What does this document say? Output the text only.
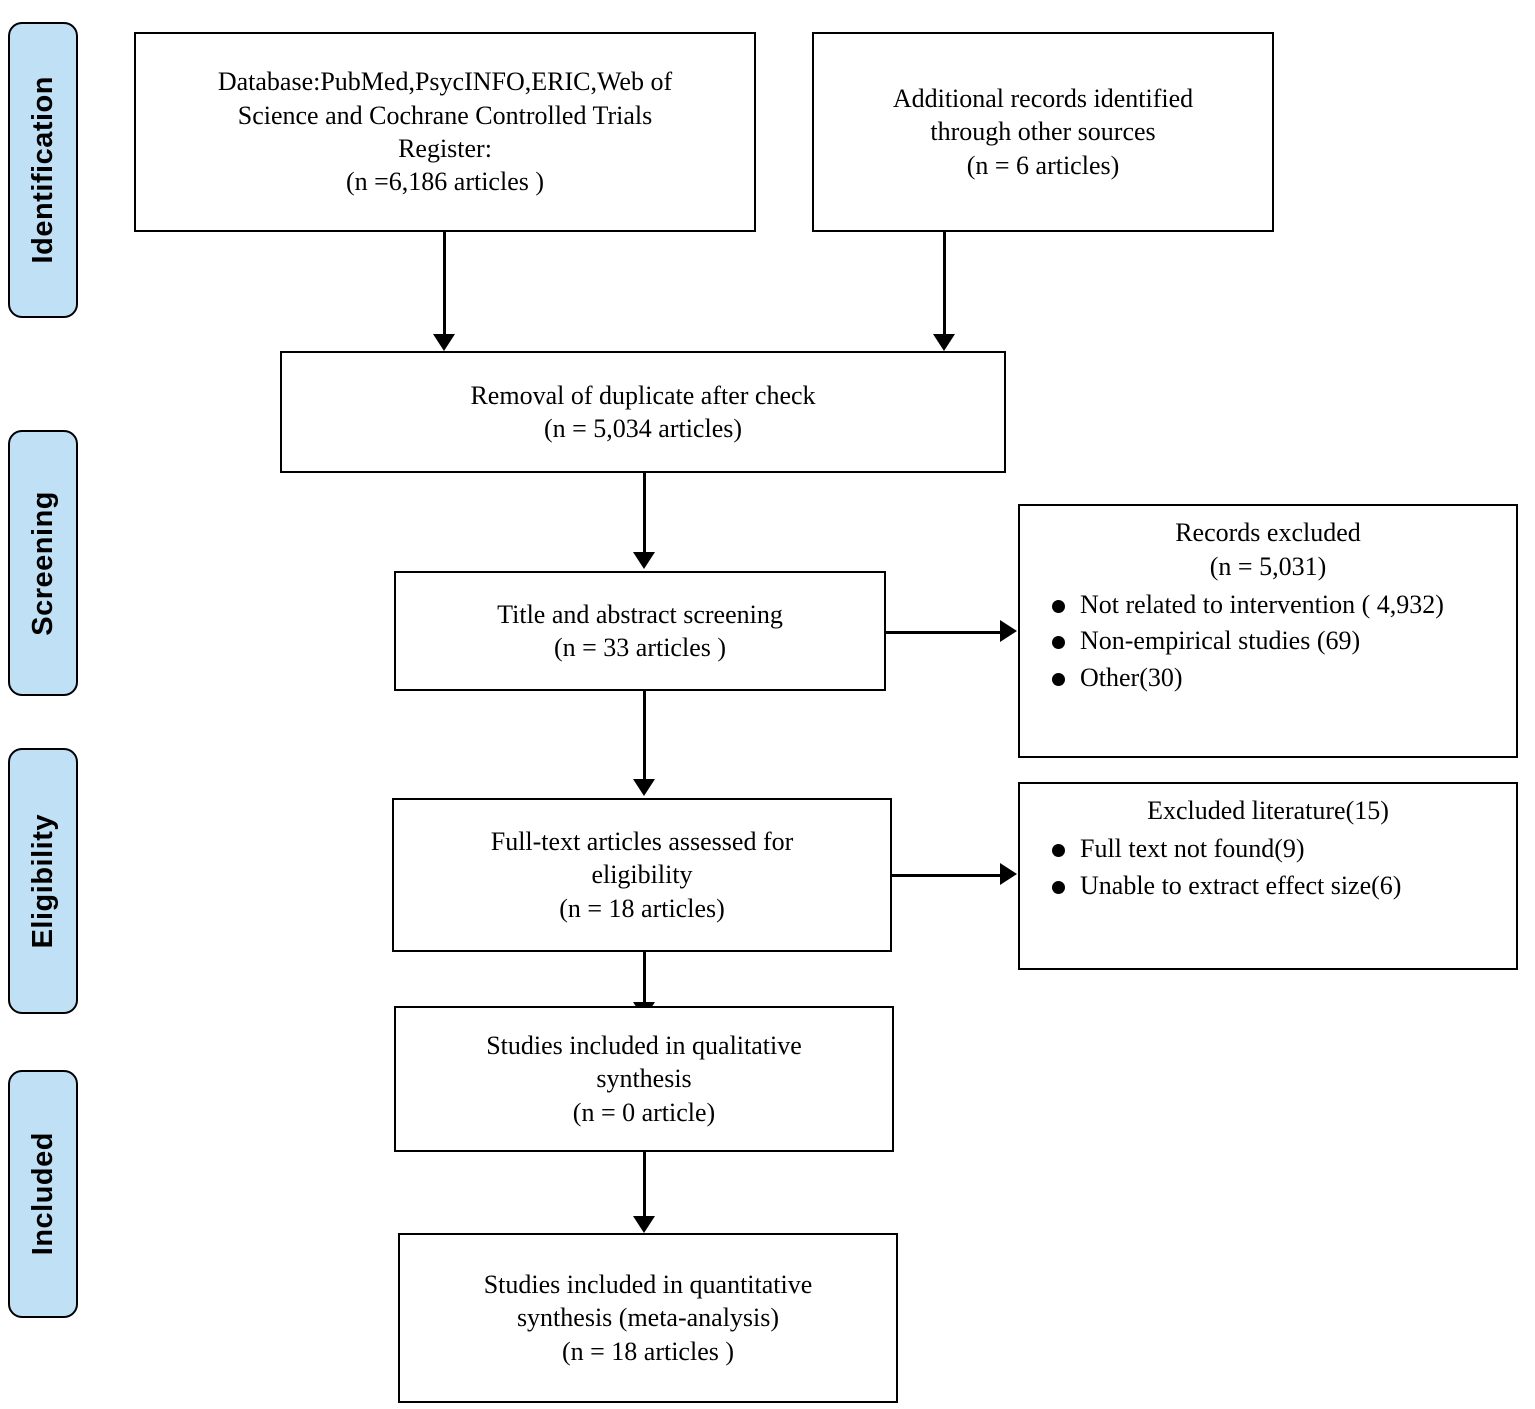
Identification
Screening
Eligibility
Included
Database:PubMed,PsycINFO,ERIC,Web of
Science and Cochrane Controlled Trials
Register:
(n =6,186 articles )
Additional records identified
through other sources
(n = 6 articles)
Removal of duplicate after check
(n = 5,034 articles)
Title and abstract screening
(n = 33 articles )
Records excluded
(n = 5,031)
Not related to intervention ( 4,932)
Non-empirical studies (69)
Other(30)
Full-text articles assessed for
eligibility
(n = 18 articles)
Excluded literature(15)
Full text not found(9)
Unable to extract effect size(6)
Studies included in qualitative
synthesis
(n = 0 article)
Studies included in quantitative
synthesis (meta-analysis)
(n = 18 articles )
